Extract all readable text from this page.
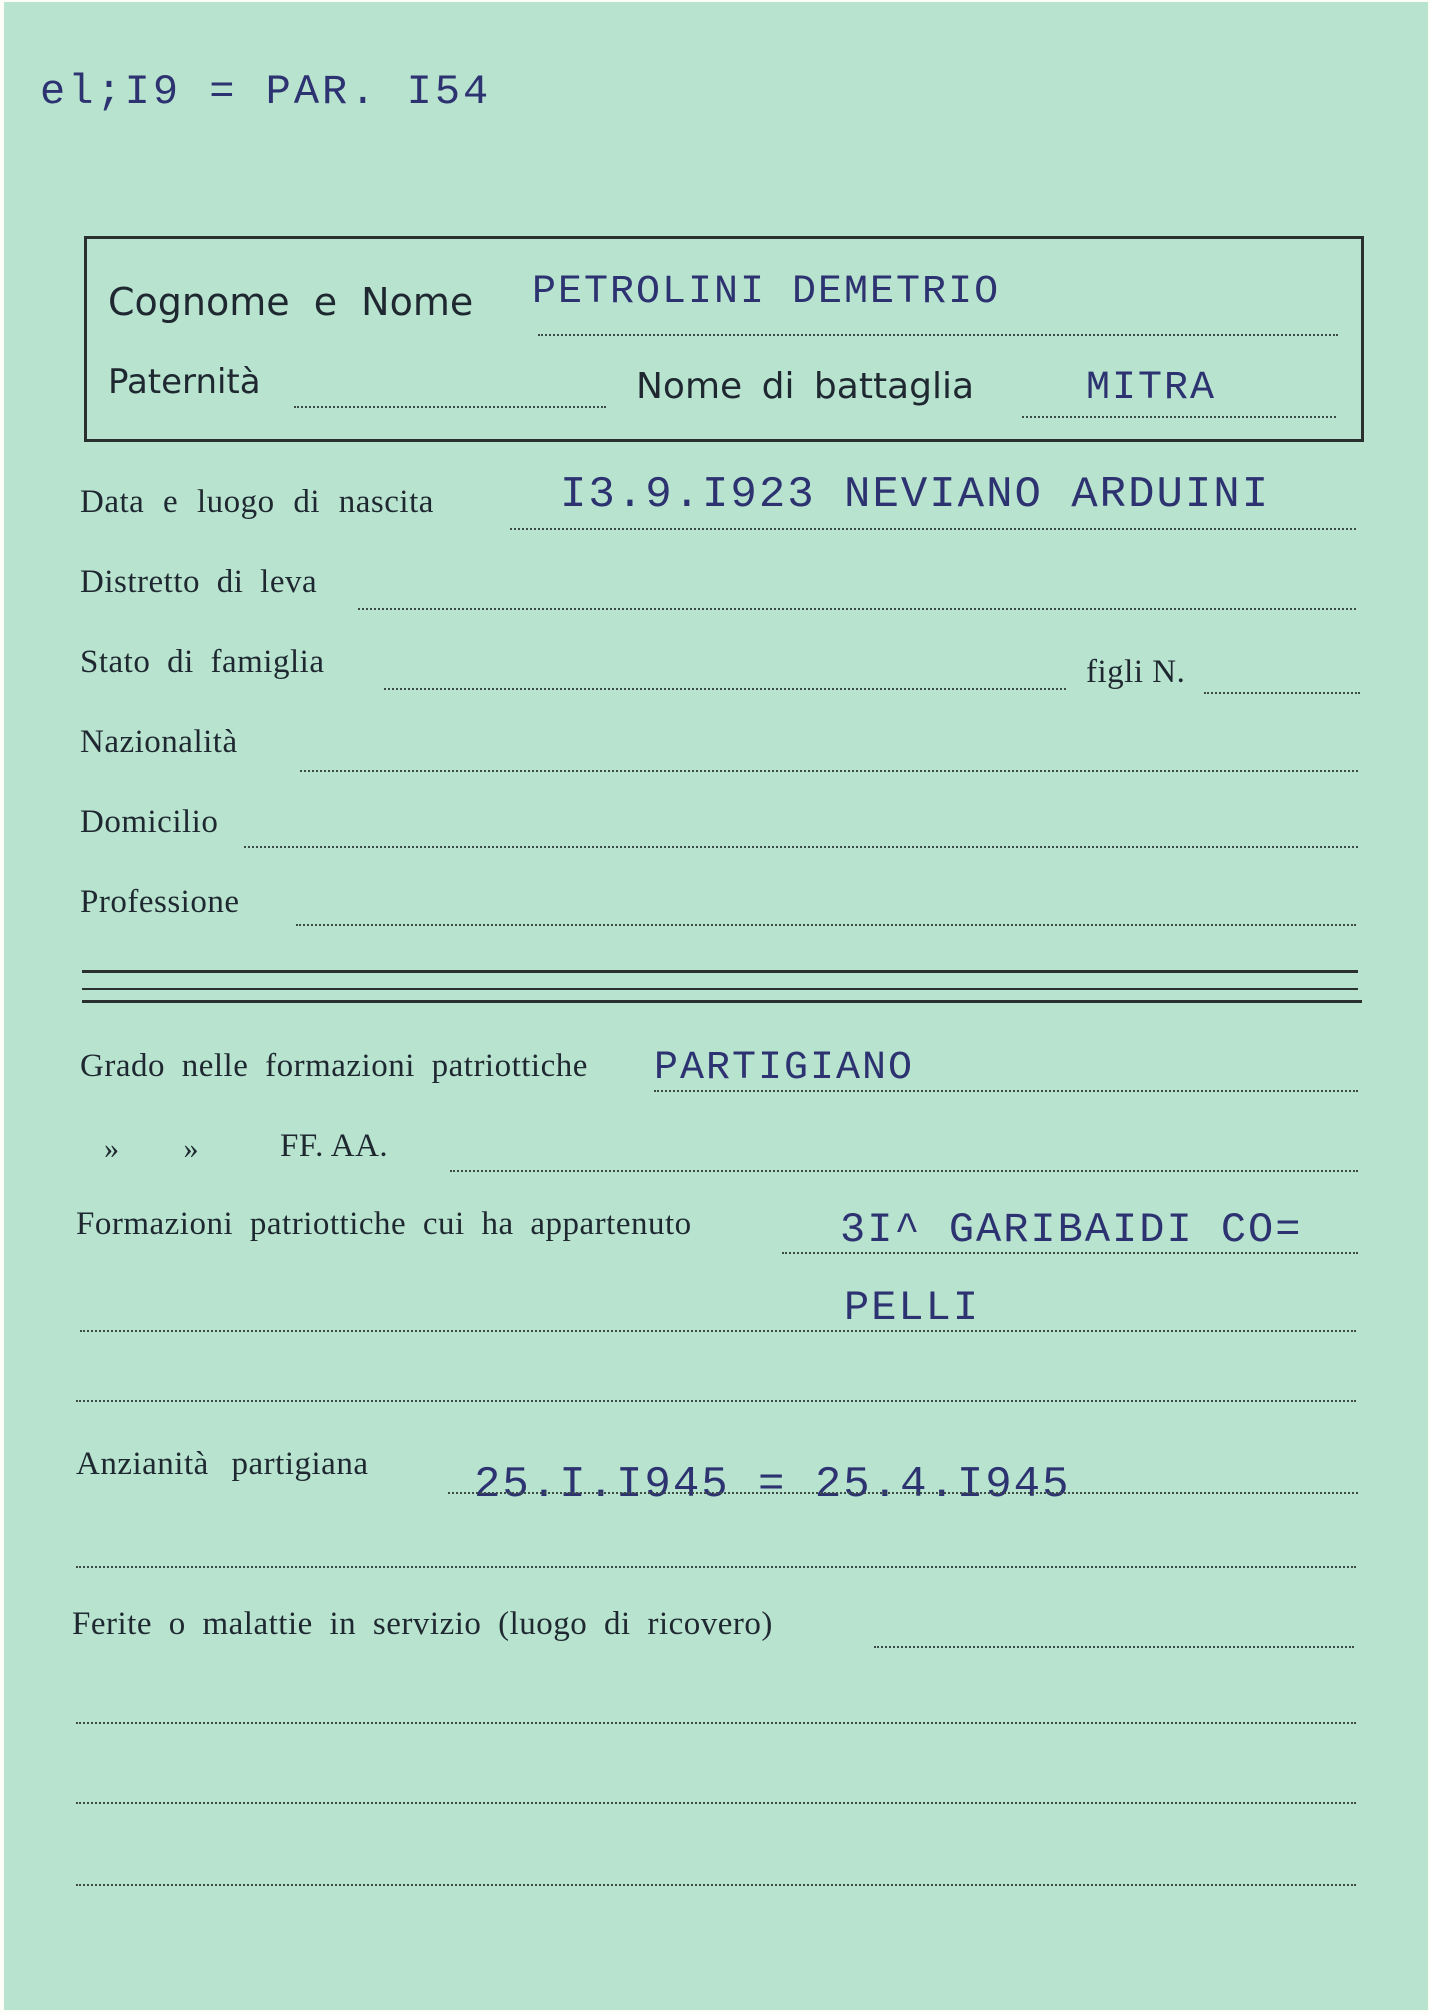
el;I9 = PAR. I54
Cognome e Nome PETROLINI DEMETRIO
Paternità	Nome di battaglia	MITRA
Data e luogo di nascita	I3.9.I923 NEVIANO ARDUINI
Distretto di leva
Stato di famiglia	figli N.
Nazionalità
Domicilio
Professione
Grado nelle formazioni patriottiche PARTIGIANO
»        » FF. AA.
Formazioni patriottiche cui ha appartenuto	3I^ GARIBAIDI CO=
PELLI
Anzianità partigiana 25.I.I945 = 25.4.I945
Ferite o malattie in servizio (luogo di ricovero)
